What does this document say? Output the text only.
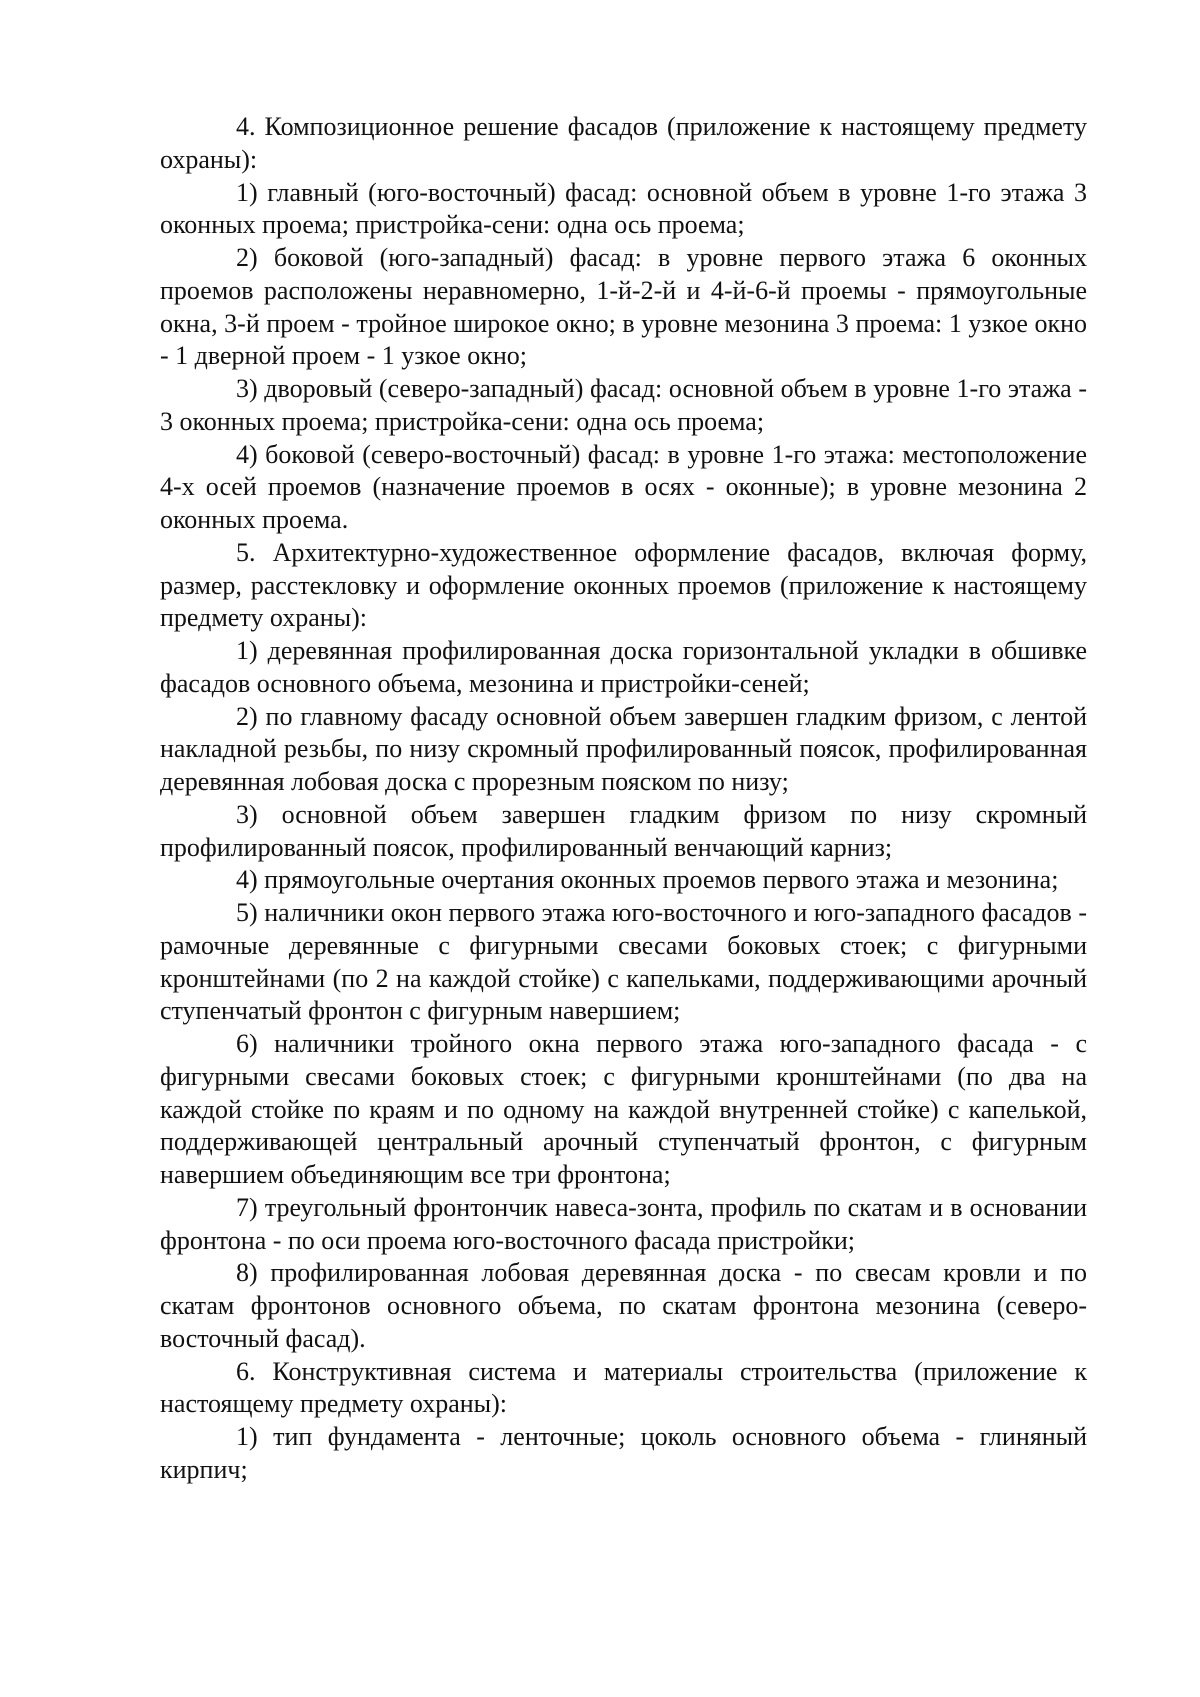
4. Композиционное решение фасадов (приложение к настоящему предмету охраны):

1) главный (юго-восточный) фасад: основной объем в уровне 1-го этажа 3 оконных проема; пристройка-сени: одна ось проема;

2) боковой (юго-западный) фасад: в уровне первого этажа 6 оконных проемов расположены неравномерно, 1-й-2-й и 4-й-6-й проемы - прямоугольные окна, 3-й проем - тройное широкое окно; в уровне мезонина 3 проема: 1 узкое окно - 1 дверной проем - 1 узкое окно;

3) дворовый (северо-западный) фасад: основной объем в уровне 1-го этажа - 3 оконных проема; пристройка-сени: одна ось проема;

4) боковой (северо-восточный) фасад: в уровне 1-го этажа: местоположение 4-х осей проемов (назначение проемов в осях - оконные); в уровне мезонина 2 оконных проема.

5. Архитектурно-художественное оформление фасадов, включая форму, размер, расстекловку и оформление оконных проемов (приложение к настоящему предмету охраны):

1) деревянная профилированная доска горизонтальной укладки в обшивке фасадов основного объема, мезонина и пристройки-сеней;

2) по главному фасаду основной объем завершен гладким фризом, с лентой накладной резьбы, по низу скромный профилированный поясок, профилированная деревянная лобовая доска с прорезным пояском по низу;

3) основной объем завершен гладким фризом по низу скромный профилированный поясок, профилированный венчающий карниз;

4) прямоугольные очертания оконных проемов первого этажа и мезонина;

5) наличники окон первого этажа юго-восточного и юго-западного фасадов - рамочные деревянные с фигурными свесами боковых стоек; с фигурными кронштейнами (по 2 на каждой стойке) с капельками, поддерживающими арочный ступенчатый фронтон с фигурным навершием;

6) наличники тройного окна первого этажа юго-западного фасада - с фигурными свесами боковых стоек; с фигурными кронштейнами (по два на каждой стойке по краям и по одному на каждой внутренней стойке) с капелькой, поддерживающей центральный арочный ступенчатый фронтон, с фигурным навершием объединяющим все три фронтона;

7) треугольный фронтончик навеса-зонта, профиль по скатам и в основании фронтона - по оси проема юго-восточного фасада пристройки;

8) профилированная лобовая деревянная доска - по свесам кровли и по скатам фронтонов основного объема, по скатам фронтона мезонина (северо-восточный фасад).

6. Конструктивная система и материалы строительства (приложение к настоящему предмету охраны):

1) тип фундамента - ленточные; цоколь основного объема - глиняный кирпич;
